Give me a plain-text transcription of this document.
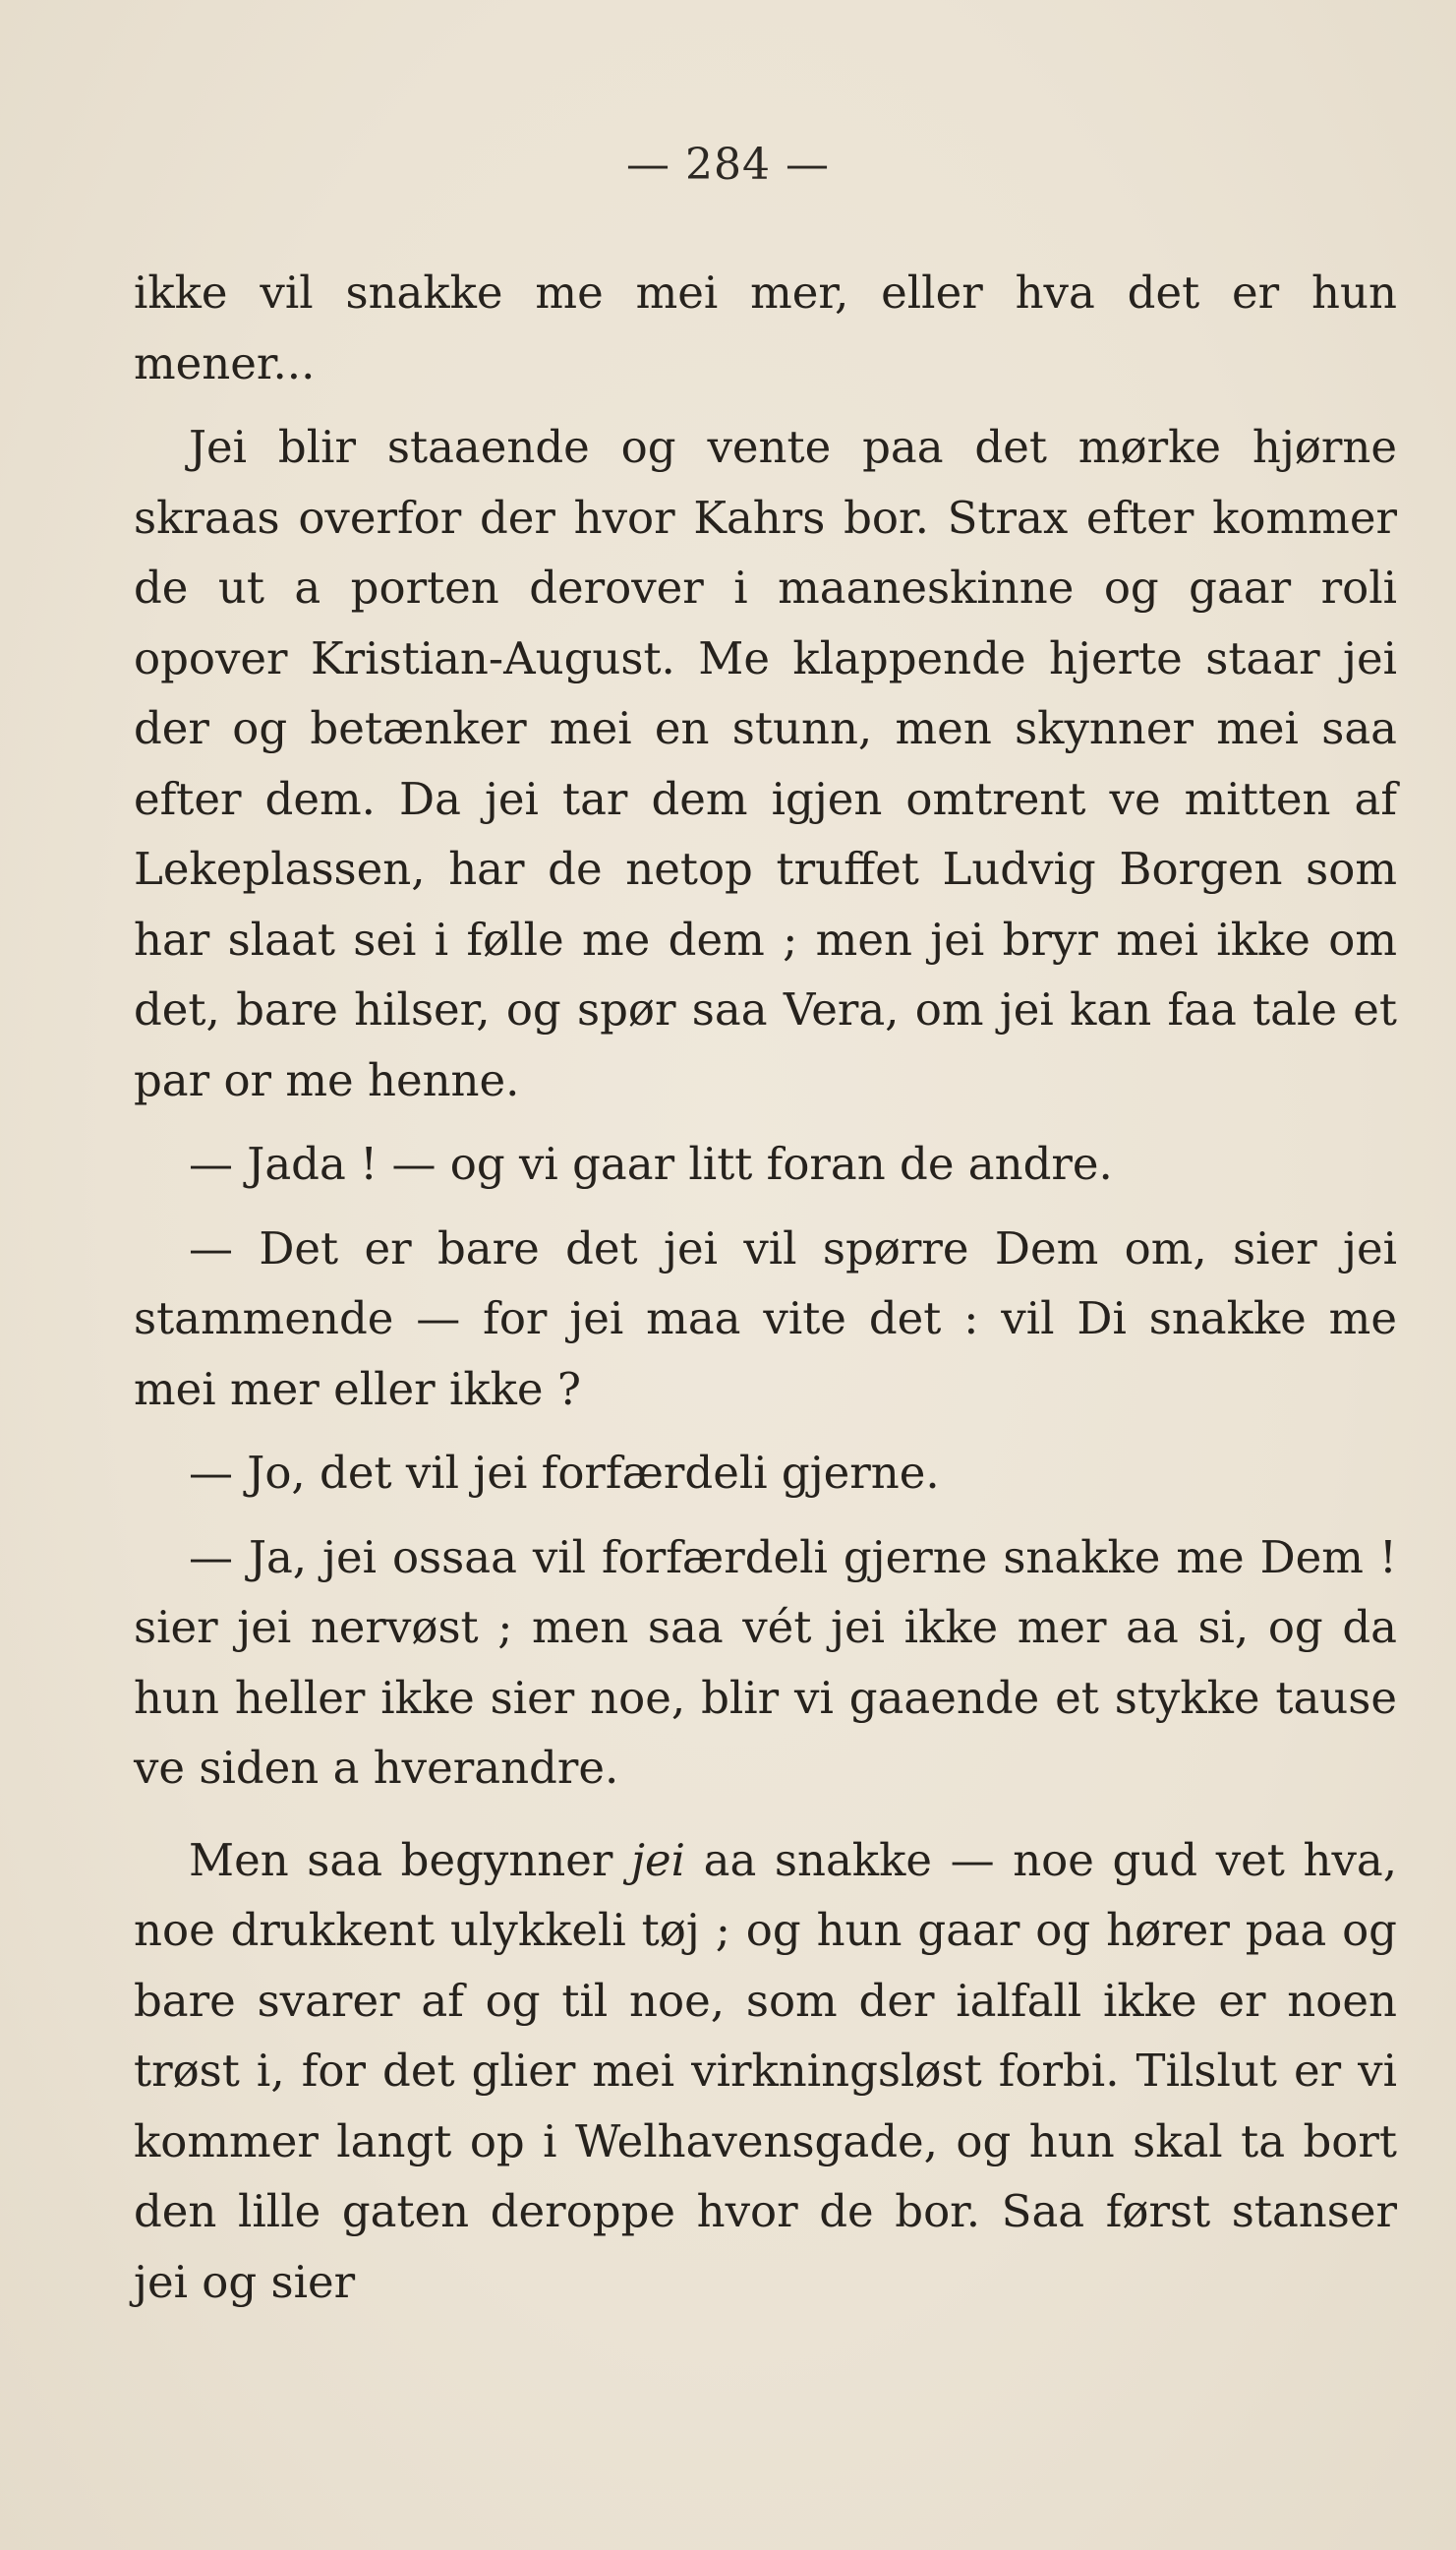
— 284 —

ikke vil snakke me mei mer, eller hva det er hun mener...

Jei blir staaende og vente paa det mørke hjørne skraas overfor der hvor Kahrs bor. Strax efter kommer de ut a porten derover i maaneskinne og gaar roli opover Kristian-August. Me klappende hjerte staar jei der og betænker mei en stunn, men skynner mei saa efter dem. Da jei tar dem igjen omtrent ve mitten af Lekeplassen, har de netop truffet Ludvig Borgen som har slaat sei i følle me dem ; men jei bryr mei ikke om det, bare hilser, og spør saa Vera, om jei kan faa tale et par or me henne.

— Jada ! — og vi gaar litt foran de andre.

— Det er bare det jei vil spørre Dem om, sier jei stammende — for jei maa vite det : vil Di snakke me mei mer eller ikke ?

— Jo, det vil jei forfærdeli gjerne.

— Ja, jei ossaa vil forfærdeli gjerne snakke me Dem ! sier jei nervøst ; men saa vét jei ikke mer aa si, og da hun heller ikke sier noe, blir vi gaaende et stykke tause ve siden a hverandre.

Men saa begynner jei aa snakke — noe gud vet hva, noe drukkent ulykkeli tøj ; og hun gaar og hører paa og bare svarer af og til noe, som der ialfall ikke er noen trøst i, for det glier mei virkningsløst forbi. Tilslut er vi kommer langt op i Welhavensgade, og hun skal ta bort den lille gaten deroppe hvor de bor. Saa først stanser jei og sier
